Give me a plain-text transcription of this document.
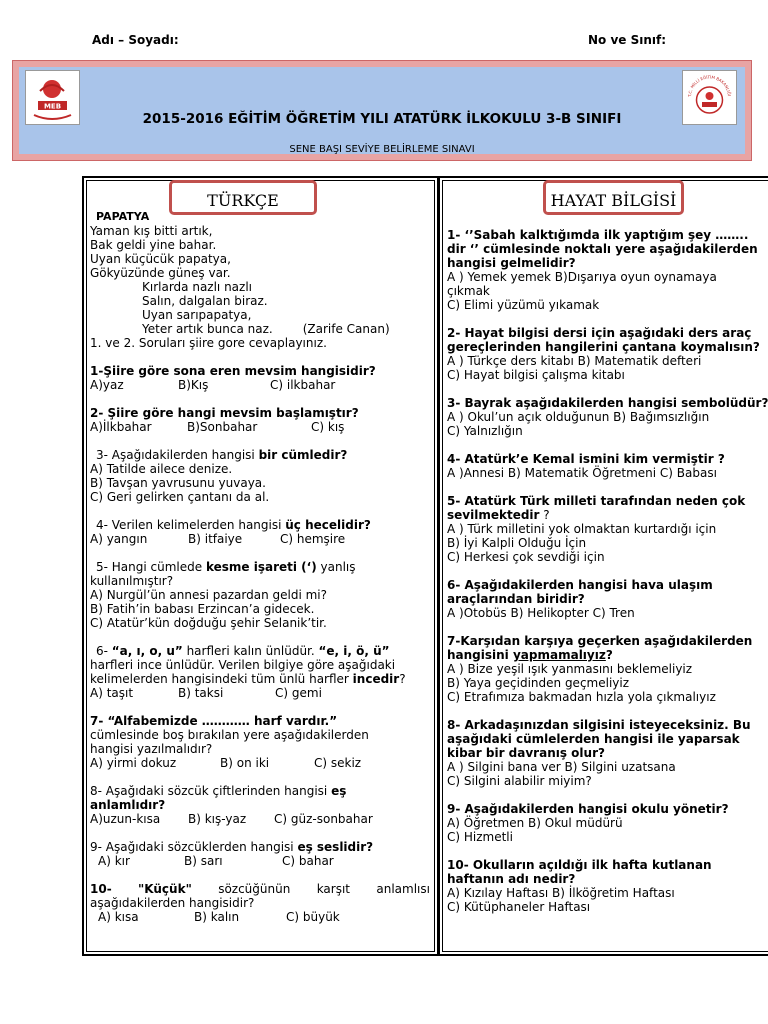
Adı – Soyadı:	No ve Sınıf:
MEB
T.C. MİLLİ EĞİTİM BAKANLIĞI
2015-2016 EĞİTİM ÖĞRETİM YILI ATATÜRK İLKOKULU 3-B SINIFI
SENE BAŞI SEVİYE BELİRLEME SINAVI
TÜRKÇE

PAPATYA

Yaman kış bitti artık,

Bak geldi yine bahar.

Uyan küçücük papatya,

Gökyüzünde güneş var.

Kırlarda nazlı nazlı

Salın, dalgalan biraz.

Uyan sarıpapatya,

Yeter artık bunca naz.	(Zarife Canan)

1. ve 2. Soruları şiire gore cevaplayınız.

1-Şiire göre sona eren mevsim hangisidir?

A)yaz	B)Kış	C) ilkbahar

2- Şiire göre hangi mevsim başlamıştır?

A)İlkbahar	B)Sonbahar	C) kış

3- Aşağıdakilerden hangisi bir cümledir?

A) Tatilde ailece denize.

B) Tavşan yavrusunu yuvaya.

C) Geri gelirken çantanı da al.

4- Verilen kelimelerden hangisi üç hecelidir?

A) yangın	B) itfaiye	C) hemşire

5- Hangi cümlede kesme işareti (‘) yanlış

kullanılmıştır?

A) Nurgül’ün annesi pazardan geldi mi?

B) Fatih’in babası Erzincan’a gidecek.

C) Atatür’kün doğduğu şehir Selanik’tir.

6- “a, ı, o, u” harfleri kalın ünlüdür. “e, i, ö, ü”

harfleri ince ünlüdür. Verilen bilgiye göre aşağıdaki

kelimelerden hangisindeki tüm ünlü harfler incedir?

A) taşıt	B) taksi	C) gemi

7- “Alfabemizde ………… harf vardır.”

cümlesinde boş bırakılan yere aşağıdakilerden

hangisi yazılmalıdır?

A) yirmi dokuz	B) on iki	C) sekiz

8- Aşağıdaki sözcük çiftlerinden hangisi eş

anlamlıdır?

A)uzun-kısa B) kış-yaz C) güz-sonbahar

9- Aşağıdaki sözcüklerden hangisi eş seslidir?

A) kır	B) sarı	C) bahar

10- "Küçük" sözcüğünün karşıt anlamlısı

aşağıdakilerden hangisidir?

A) kısa	B) kalın	C) büyük

HAYAT BİLGİSİ

1- ‘’Sabah kalktığımda ilk yaptığım şey ……..

dir ‘’ cümlesinde noktalı yere aşağıdakilerden

hangisi gelmelidir?

A ) Yemek yemek B)Dışarıya oyun oynamaya

çıkmak

C) Elimi yüzümü yıkamak

2- Hayat bilgisi dersi için aşağıdaki ders araç

gereçlerinden hangilerini çantana koymalısın?

A ) Türkçe ders kitabı B) Matematik defteri

C) Hayat bilgisi çalışma kitabı

3- Bayrak aşağıdakilerden hangisi sembolüdür?

A ) Okul’un açık olduğunun B) Bağımsızlığın

C) Yalnızlığın

4- Atatürk’e Kemal ismini kim vermiştir ?

A )Annesi B) Matematik Öğretmeni C) Babası

5- Atatürk Türk milleti tarafından neden çok

sevilmektedir ?

A ) Türk milletini yok olmaktan kurtardığı için

B) İyi Kalpli Olduğu İçin

C) Herkesi çok sevdiği için

6- Aşağıdakilerden hangisi hava ulaşım

araçlarından biridir?

A )Otobüs B) Helikopter C) Tren

7-Karşıdan karşıya geçerken aşağıdakilerden

hangisini yapmamalıyız?

A ) Bize yeşil ışık yanmasını beklemeliyiz

B) Yaya geçidinden geçmeliyiz

C) Etrafımıza bakmadan hızla yola çıkmalıyız

8- Arkadaşınızdan silgisini isteyeceksiniz. Bu

aşağıdaki cümlelerden hangisi ile yaparsak

kibar bir davranış olur?

A ) Silgini bana ver B) Silgini uzatsana

C) Silgini alabilir miyim?

9- Aşağıdakilerden hangisi okulu yönetir?

A) Öğretmen B) Okul müdürü

C) Hizmetli

10- Okulların açıldığı ilk hafta kutlanan

haftanın adı nedir?

A) Kızılay Haftası B) İlköğretim Haftası

C) Kütüphaneler Haftası
